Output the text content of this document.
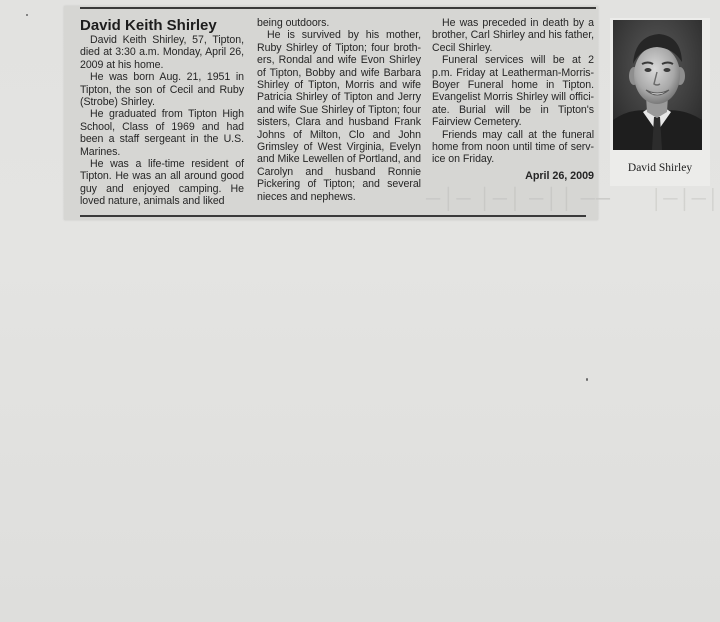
David Keith Shirley

David Keith Shirley, 57, Tipton, died at 3:30 a.m. Monday, April 26, 2009 at his home.

He was born Aug. 21, 1951 in Tipton, the son of Cecil and Ruby (Strobe) Shirley.

He graduated from Tipton High School, Class of 1969 and had been a staff sergeant in the U.S. Marines.

He was a life-time resident of Tipton. He was an all around good guy and enjoyed camping. He loved nature, animals and liked

being outdoors.

He is survived by his mother, Ruby Shirley of Tipton; four broth-ers, Rondal and wife Evon Shirley of Tipton, Bobby and wife Barbara Shirley of Tipton, Morris and wife Patricia Shirley of Tipton and Jerry and wife Sue Shirley of Tipton; four sisters, Clara and husband Frank Johns of Milton, Clo and John Grimsley of West Virginia, Evelyn and Mike Lewellen of Portland, and Carolyn and husband Ronnie Pickering of Tipton; and several nieces and nephews.

He was preceded in death by a brother, Carl Shirley and his father, Cecil Shirley.

Funeral services will be at 2 p.m. Friday at Leatherman-Morris-Boyer Funeral home in Tipton. Evangelist Morris Shirley will offici-ate. Burial will be in Tipton's Fairview Cemetery.

Friends may call at the funeral home from noon until time of serv-ice on Friday.

April 26, 2009
David Shirley
── ││─ │─│ ─│─	│─│─│
